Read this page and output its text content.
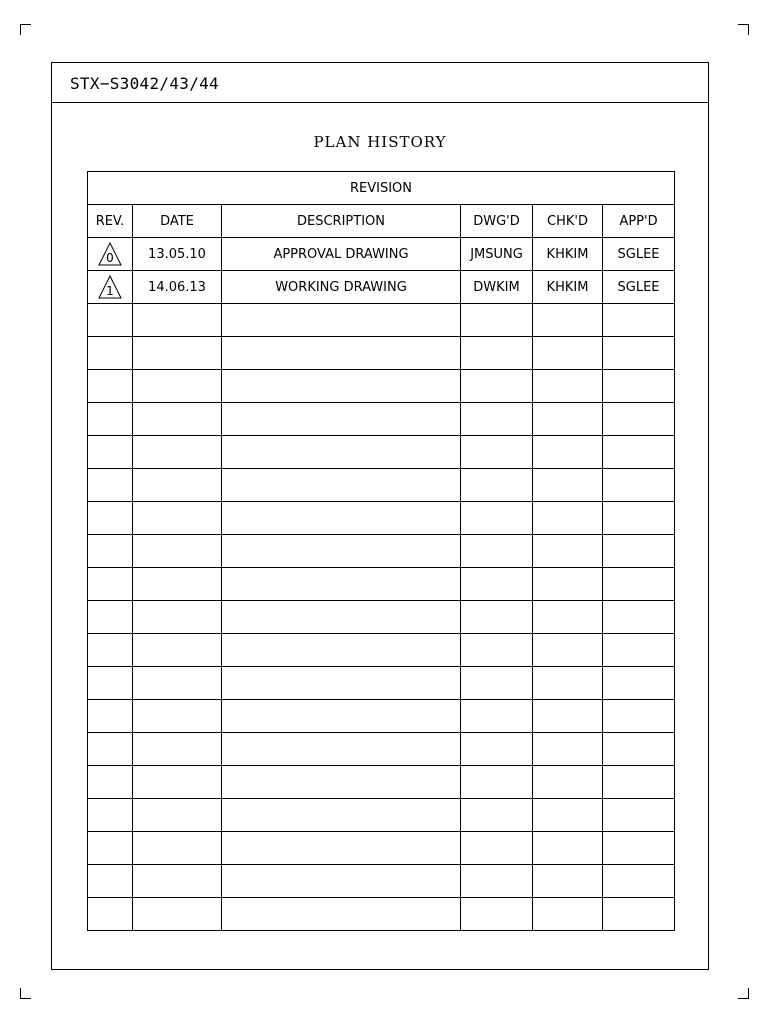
STX−S3042/43/44
PLAN HISTORY
REVISION					
REV.	DATE	DESCRIPTION	DWG'D	CHK'D	APP'D

0	13.05.10	APPROVAL DRAWING	JMSUNG	KHKIM	SGLEE

1	14.06.13	WORKING DRAWING	DWKIM	KHKIM	SGLEE
